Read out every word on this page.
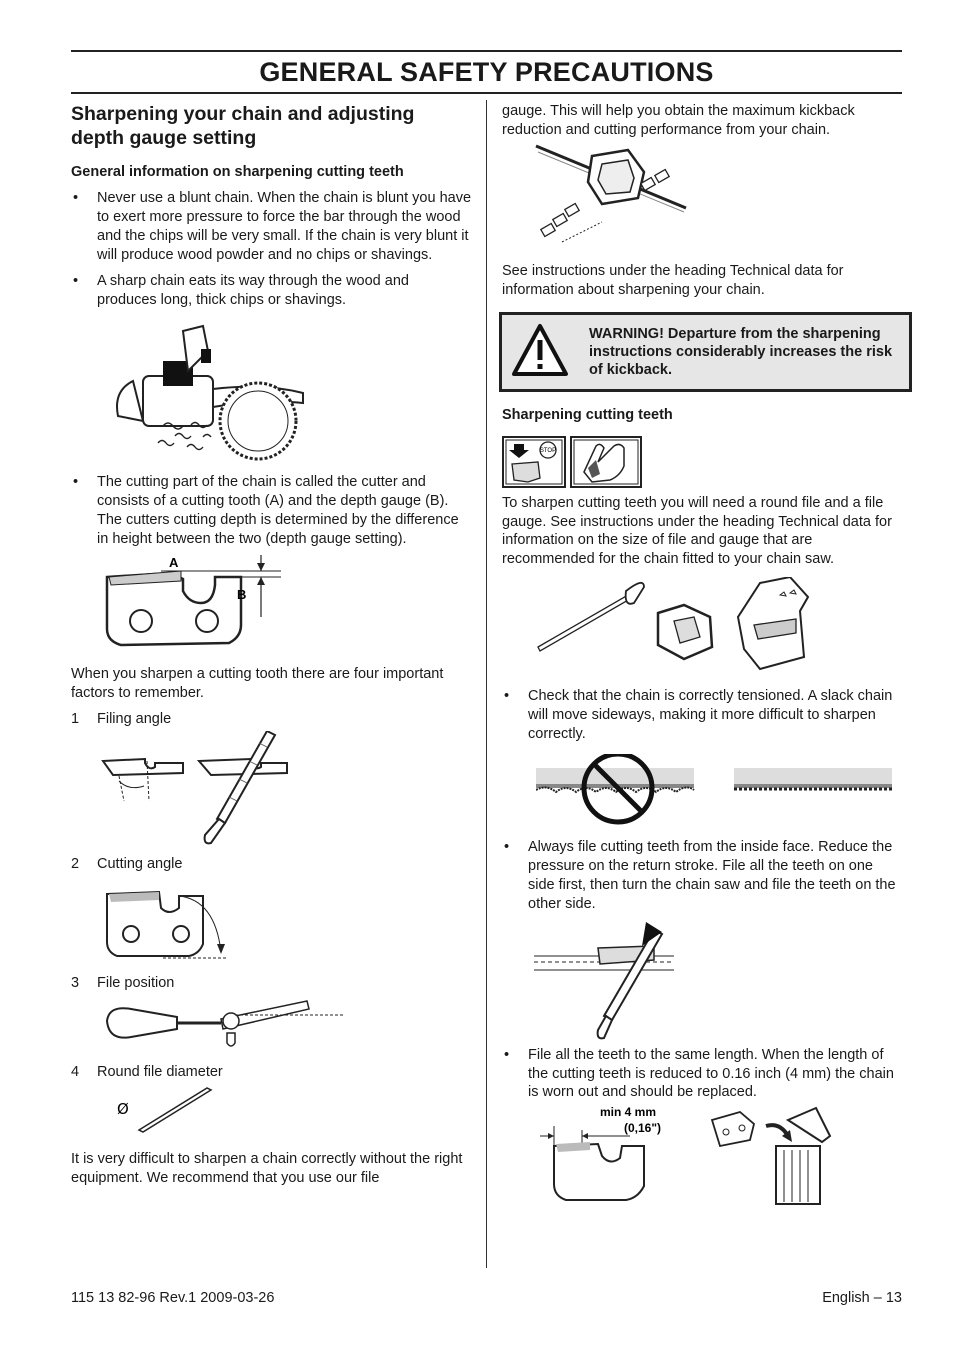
GENERAL SAFETY PRECAUTIONS
Sharpening your chain and adjusting depth gauge setting
General information on sharpening cutting teeth
• Never use a blunt chain. When the chain is blunt you have to exert more pressure to force the bar through the wood and the chips will be very small. If the chain is very blunt it will produce wood powder and no chips or shavings.
• A sharp chain eats its way through the wood and produces long, thick chips or shavings.
• The cutting part of the chain is called the cutter and consists of a cutting tooth (A) and the depth gauge (B). The cutters cutting depth is determined by the difference in height between the two (depth gauge setting).
A
B

When you sharpen a cutting tooth there are four important factors to remember.

1 Filing angle
2 Cutting angle
3 File position
4 Round file diameter
Ø

It is very difficult to sharpen a chain correctly without the right equipment. We recommend that you use our file

gauge. This will help you obtain the maximum kickback reduction and cutting performance from your chain.

See instructions under the heading Technical data for information about sharpening your chain.

WARNING! Departure from the sharpening instructions considerably increases the risk of kickback.
Sharpening cutting teeth
STOP

To sharpen cutting teeth you will need a round file and a file gauge. See instructions under the heading Technical data for information on the size of file and gauge that are recommended for the chain fitted to your chain saw.

• Check that the chain is correctly tensioned. A slack chain will move sideways, making it more difficult to sharpen correctly.
• Always file cutting teeth from the inside face. Reduce the pressure on the return stroke. File all the teeth on one side first, then turn the chain saw and file the teeth on the other side.
• File all the teeth to the same length. When the length of the cutting teeth is reduced to 0.16 inch (4 mm) the chain is worn out and should be replaced.
min 4 mm
(0,16")
115 13 82-96 Rev.1 2009-03-26	English – 13
